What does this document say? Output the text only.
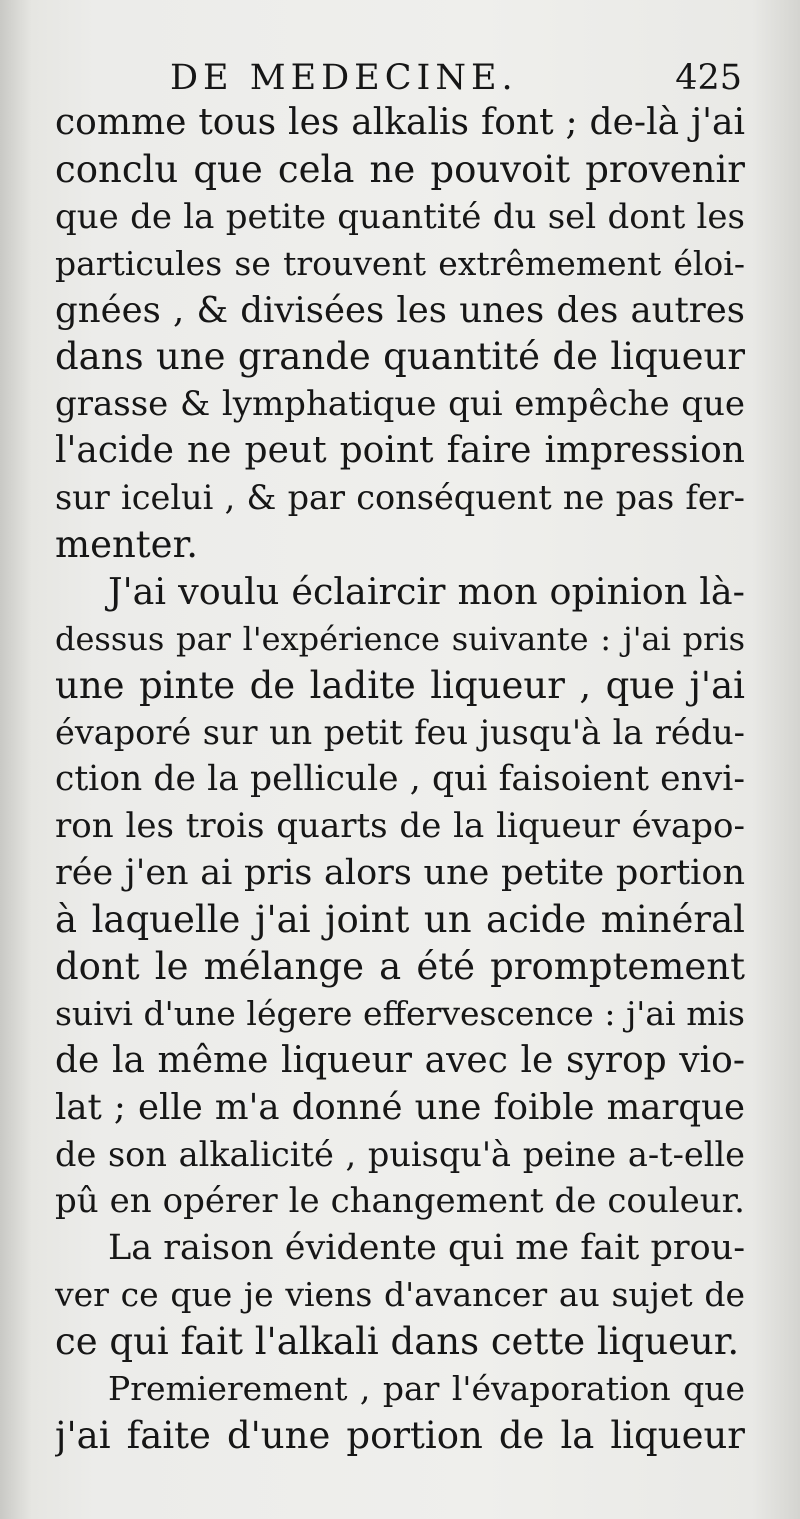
DE MEDECINE.	425
comme tous les alkalis font ; de-là j'ai
conclu que cela ne pouvoit provenir
que de la petite quantité du sel dont les
particules se trouvent extrêmement éloi-
gnées , & divisées les unes des autres
dans une grande quantité de liqueur
grasse & lymphatique qui empêche que
l'acide ne peut point faire impression
sur icelui , & par conséquent ne pas fer-
menter.
J'ai voulu éclaircir mon opinion là-
dessus par l'expérience suivante : j'ai pris
une pinte de ladite liqueur , que j'ai
évaporé sur un petit feu jusqu'à la rédu-
ction de la pellicule , qui faisoient envi-
ron les trois quarts de la liqueur évapo-
rée j'en ai pris alors une petite portion
à laquelle j'ai joint un acide minéral
dont le mélange a été promptement
suivi d'une légere effervescence : j'ai mis
de la même liqueur avec le syrop vio-
lat ; elle m'a donné une foible marque
de son alkalicité , puisqu'à peine a-t-elle
pû en opérer le changement de couleur.
La raison évidente qui me fait prou-
ver ce que je viens d'avancer au sujet de
ce qui fait l'alkali dans cette liqueur.
Premierement , par l'évaporation que
j'ai faite d'une portion de la liqueur
